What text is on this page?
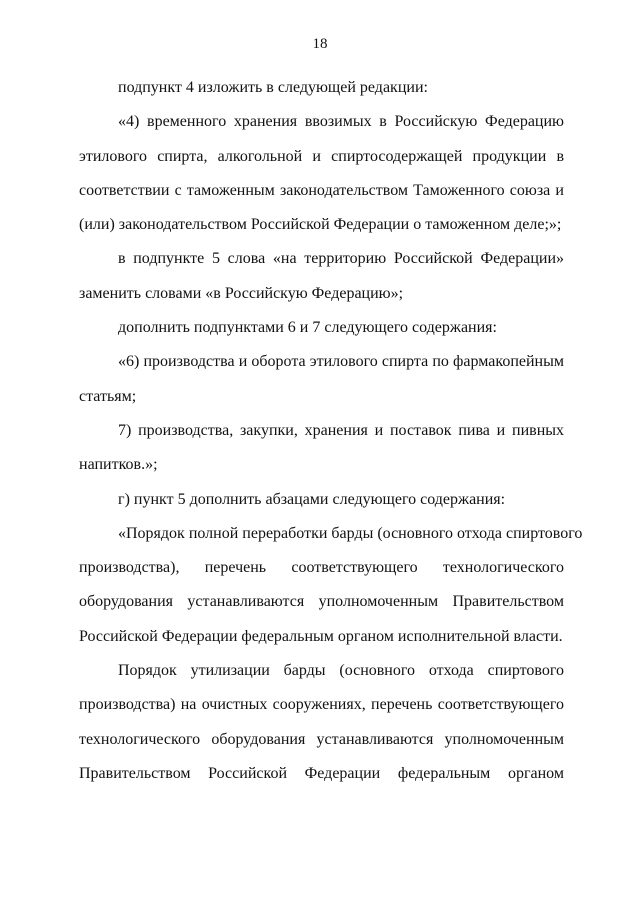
18
подпункт 4 изложить в следующей редакции:
«4) временного хранения ввозимых в Российскую Федерацию
этилового спирта, алкогольной и спиртосодержащей продукции в
соответствии с таможенным законодательством Таможенного союза и
(или) законодательством Российской Федерации о таможенном деле;»;
в подпункте 5 слова «на территорию Российской Федерации»
заменить словами «в Российскую Федерацию»;
дополнить подпунктами 6 и 7 следующего содержания:
«6) производства и оборота этилового спирта по фармакопейным
статьям;
7) производства, закупки, хранения и поставок пива и пивных
напитков.»;
г) пункт 5 дополнить абзацами следующего содержания:
«Порядок полной переработки барды (основного отхода спиртового
производства), перечень соответствующего технологического
оборудования устанавливаются уполномоченным Правительством
Российской Федерации федеральным органом исполнительной власти.
Порядок утилизации барды (основного отхода спиртового
производства) на очистных сооружениях, перечень соответствующего
технологического оборудования устанавливаются уполномоченным
Правительством Российской Федерации федеральным органом
